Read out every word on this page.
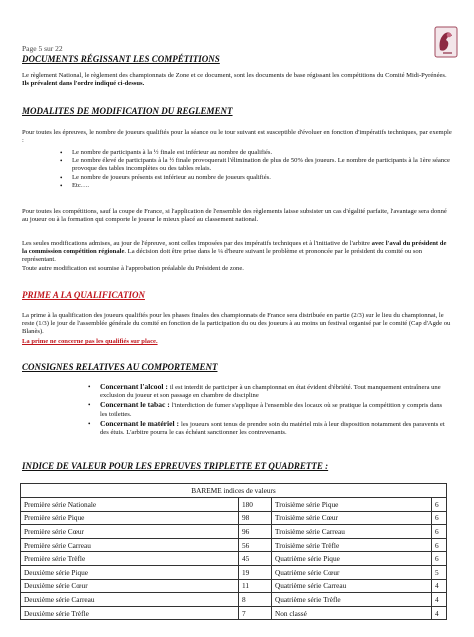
Page 5 sur 22
DOCUMENTS RÉGISSANT LES COMPÉTITIONS
Le règlement National, le règlement des championnats de Zone et ce document, sont les documents de base régissant les compétitions du Comité Midi-Pyrénées. Ils prévalent dans l'ordre indiqué ci-dessus.
MODALITES DE MODIFICATION DU REGLEMENT
Pour toutes les épreuves, le nombre de joueurs qualifiés pour la séance ou le tour suivant est susceptible d'évoluer en fonction d'impératifs techniques, par exemple :
• Le nombre de participants à la ½ finale est inférieur au nombre de qualifiés.
• Le nombre élevé de participants à la ½ finale provoquerait l'élimination de plus de 50% des joueurs. Le nombre de participants à la 1ère séance provoque des tables incomplètes ou des tables relais.
• Le nombre de joueurs présents est inférieur au nombre de joueurs qualifiés.
• Etc….
Pour toutes les compétitions, sauf la coupe de France, si l'application de l'ensemble des règlements laisse subsister un cas d'égalité parfaite, l'avantage sera donné au joueur ou à la formation qui comporte le joueur le mieux placé au classement national.
Les seules modifications admises, au jour de l'épreuve, sont celles imposées par des impératifs techniques et à l'initiative de l'arbitre avec l'aval du président de la commission compétition régionale. La décision doit être prise dans le ¼ d'heure suivant le problème et prononcée par le président du comité ou son représentant.
Toute autre modification est soumise à l'approbation préalable du Président de zone.
PRIME A LA QUALIFICATION
La prime à la qualification des joueurs qualifiés pour les phases finales des championnats de France sera distribuée en partie (2/3) sur le lieu du championnat, le reste (1/3) le jour de l'assemblée générale du comité en fonction de la participation du ou des joueurs à au moins un festival organisé par le comité (Cap d'Agde ou Blanès).
La prime ne concerne pas les qualifiés sur place.
CONSIGNES RELATIVES AU COMPORTEMENT
• Concernant l'alcool : il est interdit de participer à un championnat en état évident d'ébriété. Tout manquement entraînera une exclusion du joueur et son passage en chambre de discipline
• Concernant le tabac : l'interdiction de fumer s'applique à l'ensemble des locaux où se pratique la compétition y compris dans les toilettes.
• Concernant le matériel : les joueurs sont tenus de prendre soin du matériel mis à leur disposition notamment des paravents et des étuis. L'arbitre pourra le cas échéant sanctionner les contrevenants.
INDICE DE VALEUR POUR LES EPREUVES TRIPLETTE ET QUADRETTE :
BAREME indices de valeurs			
Première série Nationale	180	Troisième série Pique	6
Première série Pique	98	Troisième série Cœur	6
Première série Cœur	96	Troisième série Carreau	6
Première série Carreau	56	Troisième série Trèfle	6
Première série Trèfle	45	Quatrième série Pique	6
Deuxième série Pique	19	Quatrième série Cœur	5
Deuxième série Cœur	11	Quatrième série Carreau	4
Deuxième série Carreau	8	Quatrième série Trèfle	4
Deuxième série Trèfle	7	Non classé	4
